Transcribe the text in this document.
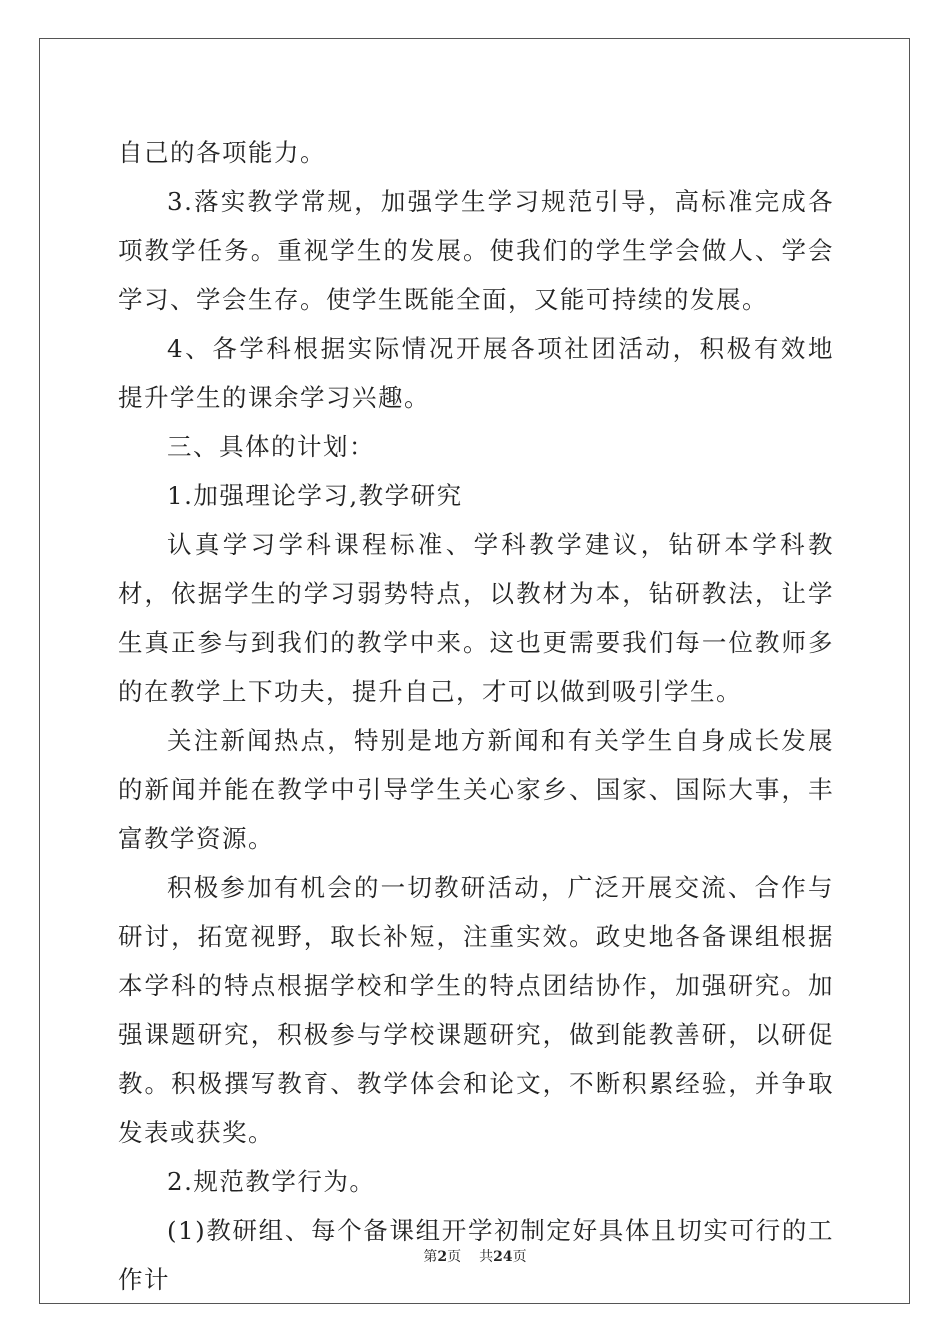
自己的各项能力。

3.落实教学常规，加强学生学习规范引导，高标准完成各项教学任务。重视学生的发展。使我们的学生学会做人、学会学习、学会生存。使学生既能全面，又能可持续的发展。

4、各学科根据实际情况开展各项社团活动，积极有效地提升学生的课余学习兴趣。

三、具体的计划：

1.加强理论学习,教学研究

认真学习学科课程标准、学科教学建议，钻研本学科教材，依据学生的学习弱势特点，以教材为本，钻研教法，让学生真正参与到我们的教学中来。这也更需要我们每一位教师多的在教学上下功夫，提升自己，才可以做到吸引学生。

关注新闻热点，特别是地方新闻和有关学生自身成长发展的新闻并能在教学中引导学生关心家乡、国家、国际大事，丰富教学资源。

积极参加有机会的一切教研活动，广泛开展交流、合作与研讨，拓宽视野，取长补短，注重实效。政史地各备课组根据本学科的特点根据学校和学生的特点团结协作，加强研究。加强课题研究，积极参与学校课题研究，做到能教善研，以研促教。积极撰写教育、教学体会和论文，不断积累经验，并争取发表或获奖。

2.规范教学行为。

(1)教研组、每个备课组开学初制定好具体且切实可行的工作计

第2页 共24页
